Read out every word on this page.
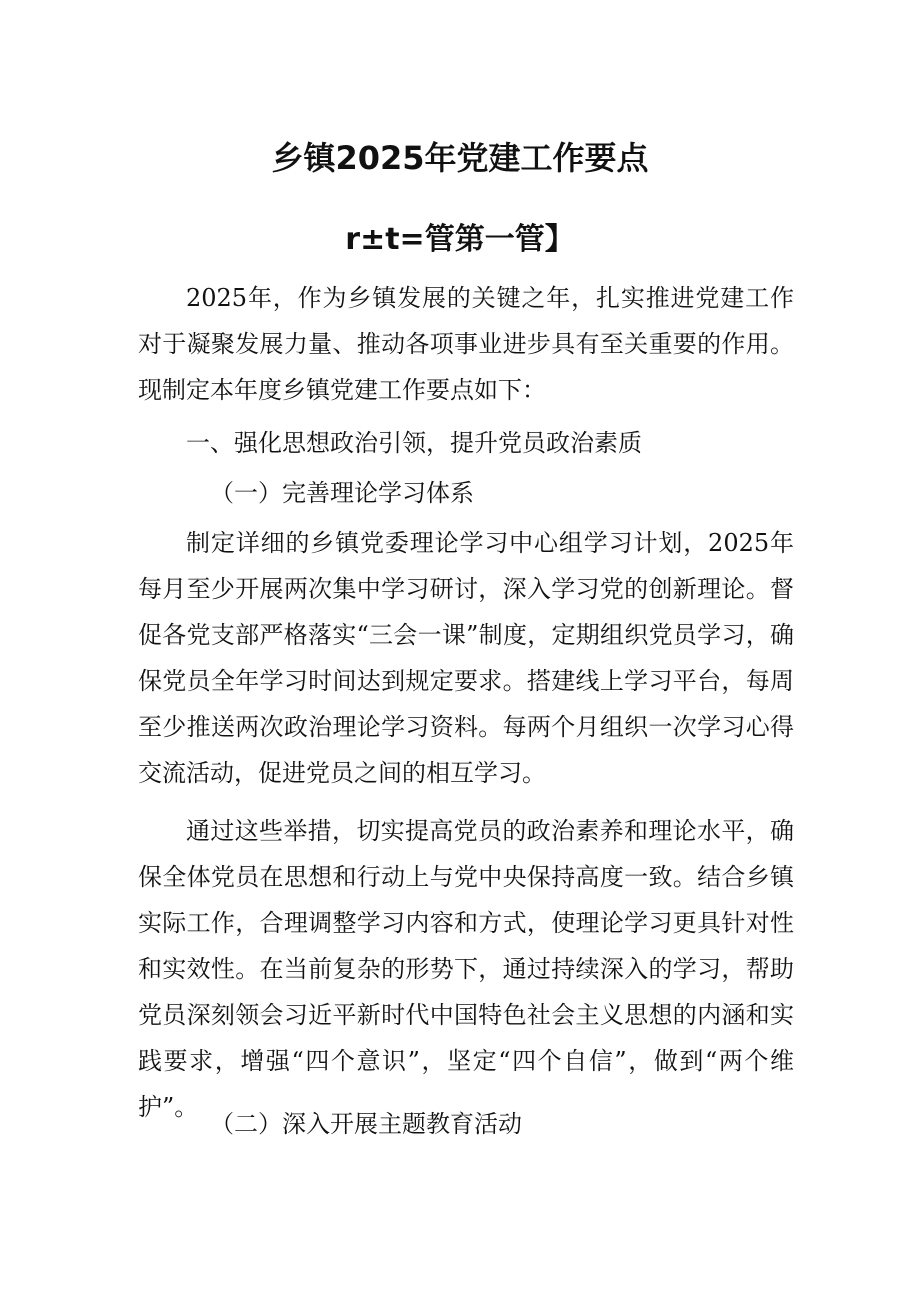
乡镇2025年党建工作要点
r±t=管第一管】

2025年，作为乡镇发展的关键之年，扎实推进党建工作对于凝聚发展力量、推动各项事业进步具有至关重要的作用。现制定本年度乡镇党建工作要点如下：

一、强化思想政治引领，提升党员政治素质

（一）完善理论学习体系

制定详细的乡镇党委理论学习中心组学习计划，2025年每月至少开展两次集中学习研讨，深入学习党的创新理论。督促各党支部严格落实“三会一课”制度，定期组织党员学习，确保党员全年学习时间达到规定要求。搭建线上学习平台，每周至少推送两次政治理论学习资料。每两个月组织一次学习心得交流活动，促进党员之间的相互学习。

通过这些举措，切实提高党员的政治素养和理论水平，确保全体党员在思想和行动上与党中央保持高度一致。结合乡镇实际工作，合理调整学习内容和方式，使理论学习更具针对性和实效性。在当前复杂的形势下，通过持续深入的学习，帮助党员深刻领会习近平新时代中国特色社会主义思想的内涵和实践要求，增强“四个意识”，坚定“四个自信”，做到“两个维护”。

（二）深入开展主题教育活动
